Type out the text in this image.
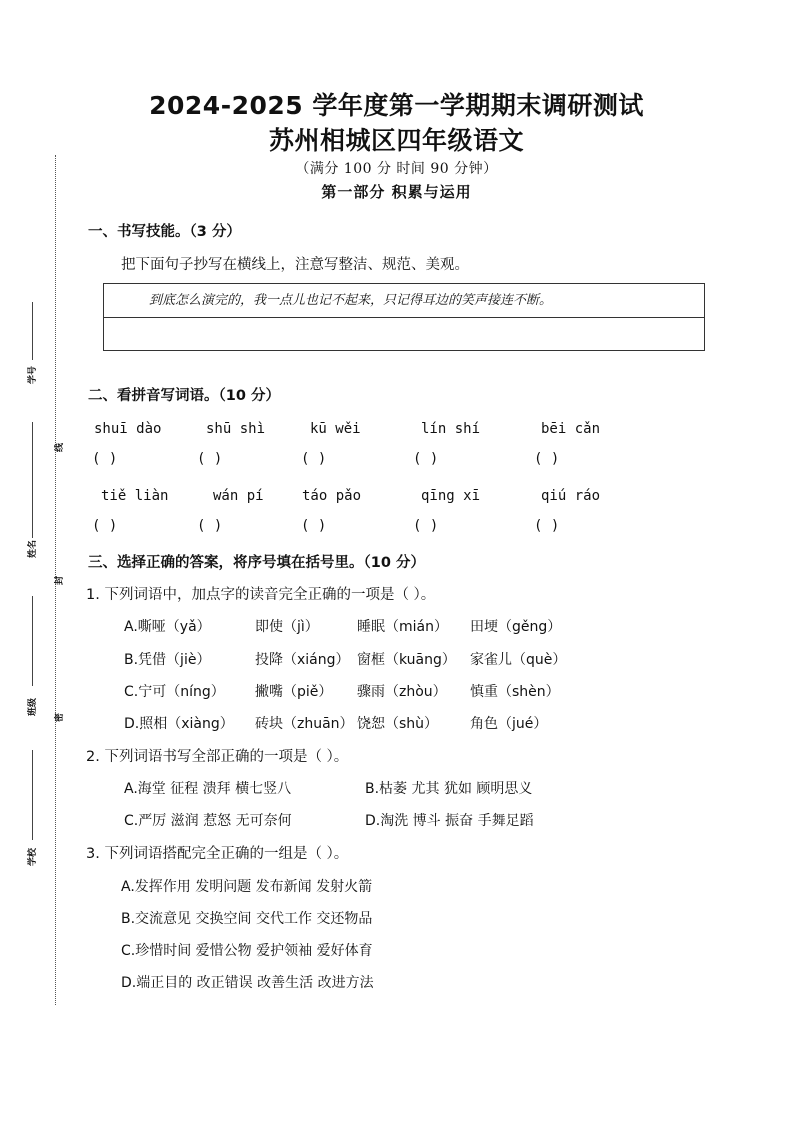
学号
姓名
班级
学校
线
封
密
2024-2025 学年度第一学期期末调研测试
苏州相城区四年级语文
（满分 100 分 时间 90 分钟）
第一部分 积累与运用
一、书写技能。（3 分）
把下面句子抄写在横线上，注意写整洁、规范、美观。
到底怎么演完的，我一点儿也记不起来，只记得耳边的笑声接连不断。
二、看拼音写词语。（10 分）
shuī dào	shū shì	kū wěi	lín shí	bēi cǎn
( )	( )	( )	( )	( )
tiě liàn	wán pí	táo pǎo	qīng xī	qiú ráo
( )	( )	( )	( )	( )
三、选择正确的答案，将序号填在括号里。（10 分）
1. 下列词语中，加点字的读音完全正确的一项是（ ）。
A.嘶哑（yǎ）	即使（jì）	睡眠（mián） 田埂（gěng）
B.凭借（jiè）	投降（xiáng） 窗框（kuāng） 家雀儿（què）
C.宁可（níng） 撇嘴（piě） 骤雨（zhòu） 慎重（shèn）
D.照相（xiàng） 砖块（zhuān） 饶恕（shù） 角色（jué）
2. 下列词语书写全部正确的一项是（ ）。
A.海堂 征程 溃拜 横七竖八	B.枯萎 尤其 犹如 顾明思义
C.严厉 滋润 惹怒 无可奈何	D.淘洗 博斗 振奋 手舞足蹈
3. 下列词语搭配完全正确的一组是（ ）。
A.发挥作用 发明问题 发布新闻 发射火箭
B.交流意见 交换空间 交代工作 交还物品
C.珍惜时间 爱惜公物 爱护领袖 爱好体育
D.端正目的 改正错误 改善生活 改进方法
